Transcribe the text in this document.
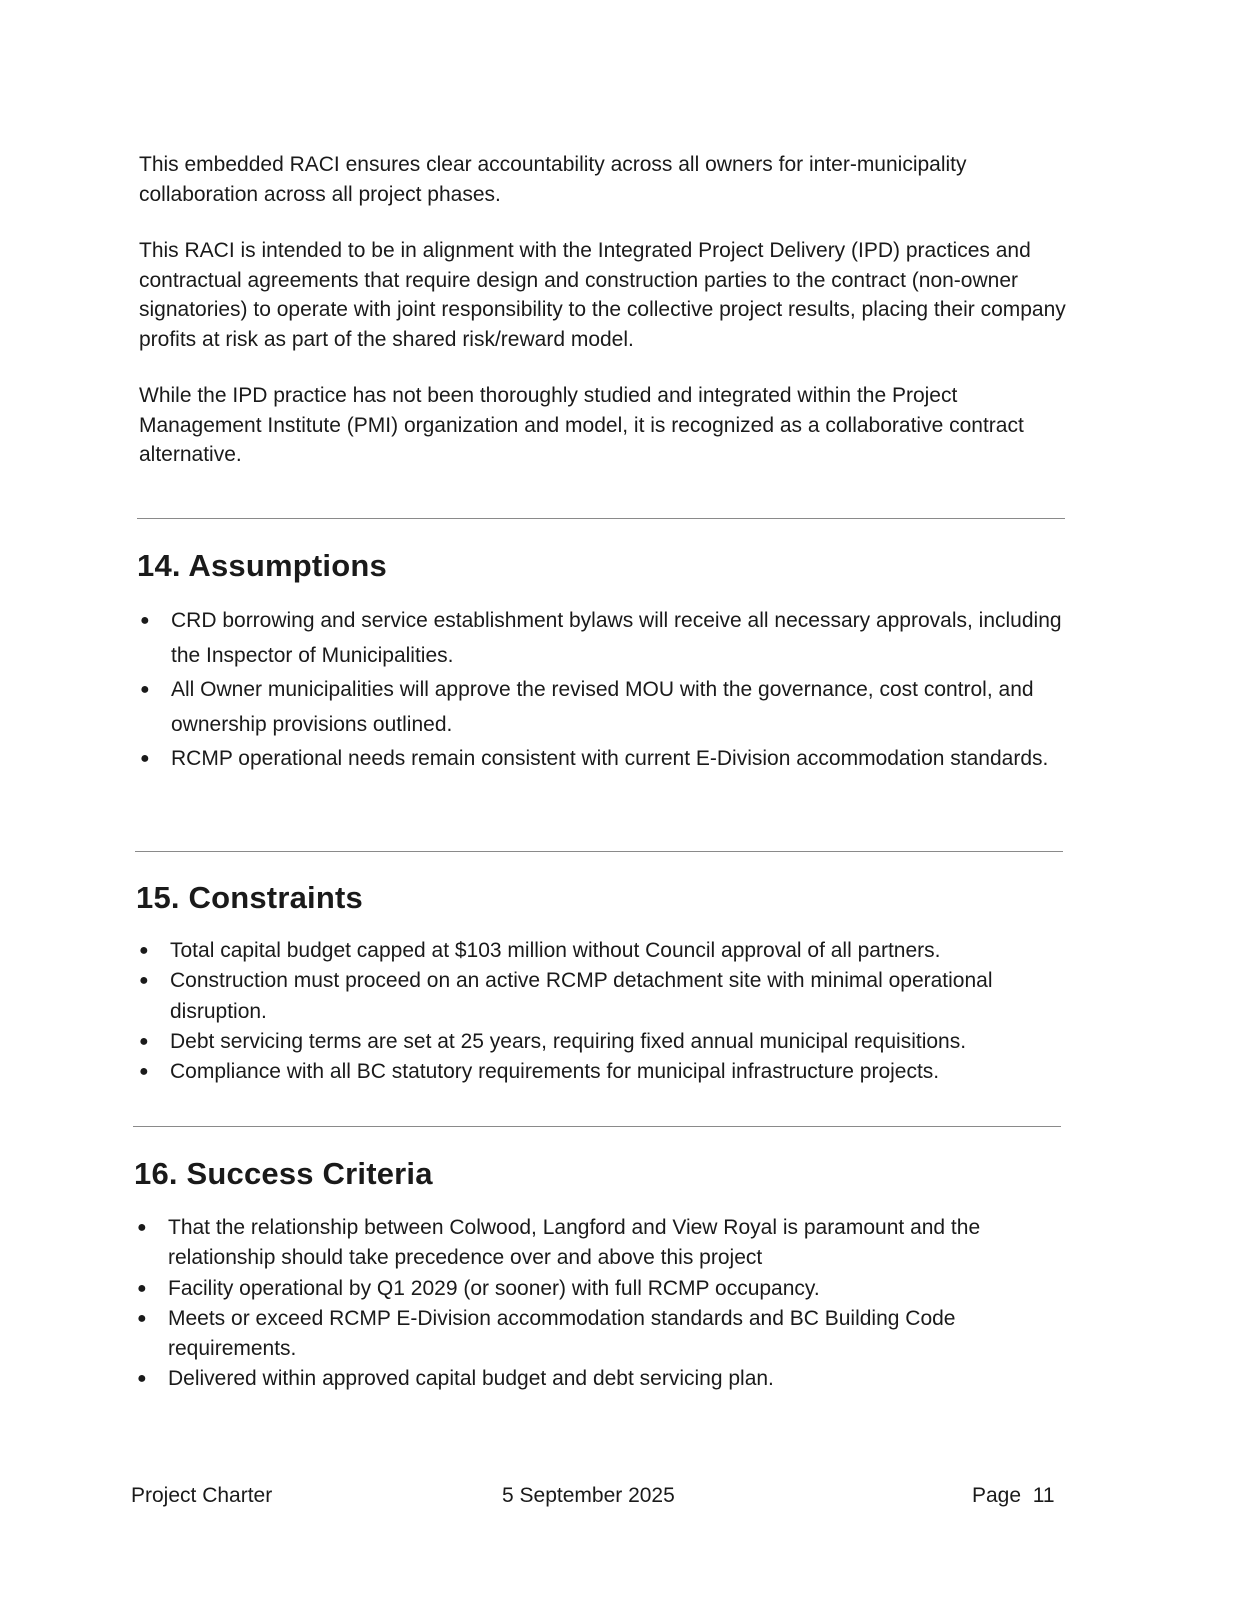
This embedded RACI ensures clear accountability across all owners for inter-municipality collaboration across all project phases.

This RACI is intended to be in alignment with the Integrated Project Delivery (IPD) practices and contractual agreements that require design and construction parties to the contract (non-owner signatories) to operate with joint responsibility to the collective project results, placing their company profits at risk as part of the shared risk/reward model.

While the IPD practice has not been thoroughly studied and integrated within the Project Management Institute (PMI) organization and model, it is recognized as a collaborative contract alternative.

14. Assumptions
● CRD borrowing and service establishment bylaws will receive all necessary approvals, including the Inspector of Municipalities.
● All Owner municipalities will approve the revised MOU with the governance, cost control, and ownership provisions outlined.
● RCMP operational needs remain consistent with current E-Division accommodation standards.
15. Constraints
● Total capital budget capped at $103 million without Council approval of all partners.
● Construction must proceed on an active RCMP detachment site with minimal operational disruption.
● Debt servicing terms are set at 25 years, requiring fixed annual municipal requisitions.
● Compliance with all BC statutory requirements for municipal infrastructure projects.
16. Success Criteria
● That the relationship between Colwood, Langford and View Royal is paramount and the relationship should take precedence over and above this project
● Facility operational by Q1 2029 (or sooner) with full RCMP occupancy.
● Meets or exceed RCMP E-Division accommodation standards and BC Building Code requirements.
● Delivered within approved capital budget and debt servicing plan.
Project Charter	5 September 2025	Page  11
